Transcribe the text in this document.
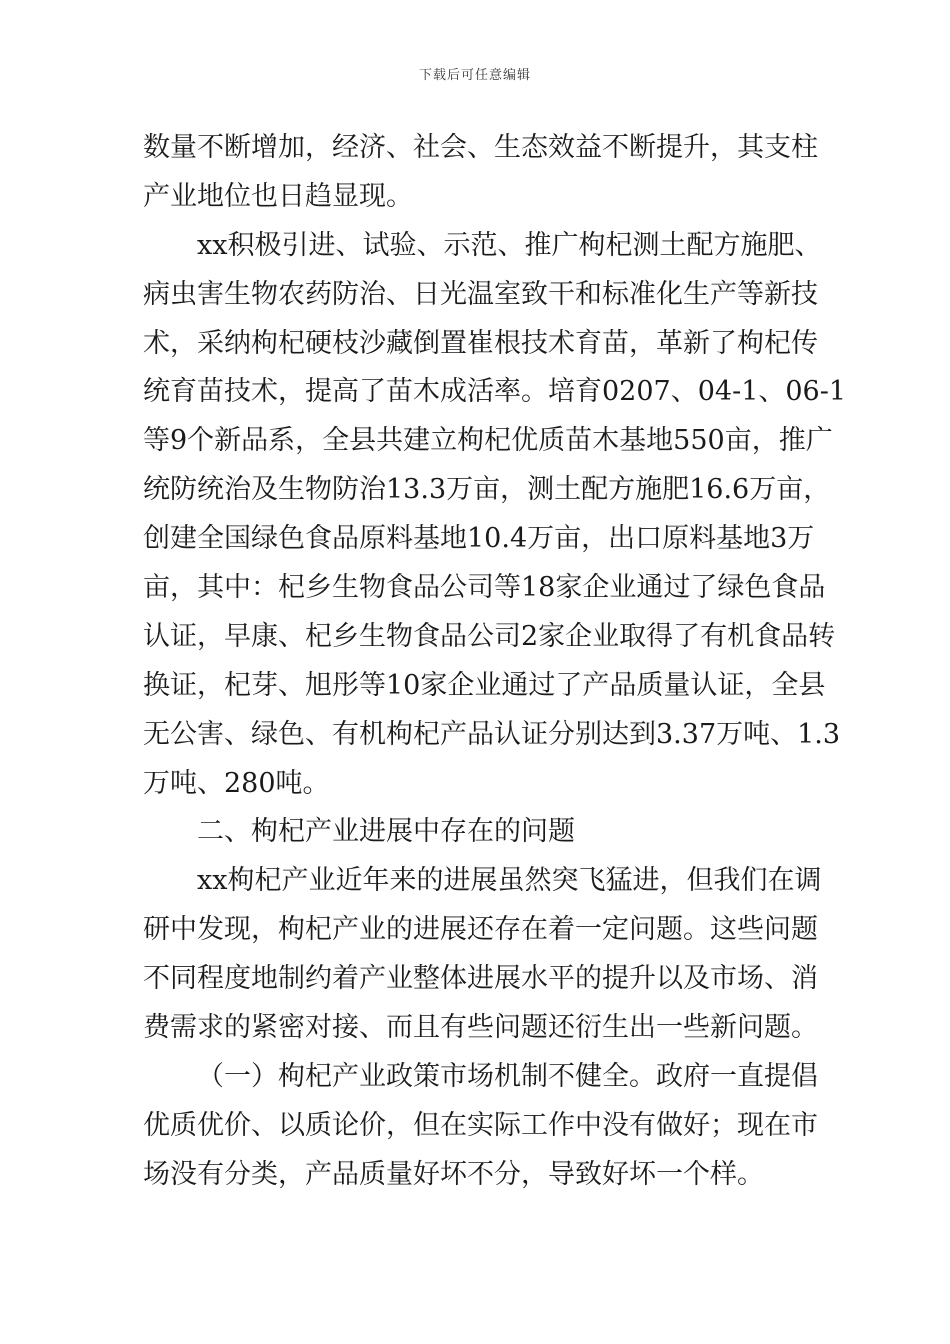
下载后可任意编辑
数量不断增加，经济、社会、生态效益不断提升，其支柱
产业地位也日趋显现。
xx积极引进、试验、示范、推广枸杞测土配方施肥、
病虫害生物农药防治、日光温室致干和标准化生产等新技
术，采纳枸杞硬枝沙藏倒置崔根技术育苗，革新了枸杞传
统育苗技术，提高了苗木成活率。培育0207、04-1、06-1
等9个新品系，全县共建立枸杞优质苗木基地550亩，推广
统防统治及生物防治13.3万亩，测土配方施肥16.6万亩，
创建全国绿色食品原料基地10.4万亩，出口原料基地3万
亩，其中：杞乡生物食品公司等18家企业通过了绿色食品
认证，早康、杞乡生物食品公司2家企业取得了有机食品转
换证，杞芽、旭彤等10家企业通过了产品质量认证，全县
无公害、绿色、有机枸杞产品认证分别达到3.37万吨、1.3
万吨、280吨。
二、枸杞产业进展中存在的问题
xx枸杞产业近年来的进展虽然突飞猛进，但我们在调
研中发现，枸杞产业的进展还存在着一定问题。这些问题
不同程度地制约着产业整体进展水平的提升以及市场、消
费需求的紧密对接、而且有些问题还衍生出一些新问题。
（一）枸杞产业政策市场机制不健全。政府一直提倡
优质优价、以质论价，但在实际工作中没有做好；现在市
场没有分类，产品质量好坏不分，导致好坏一个样。
